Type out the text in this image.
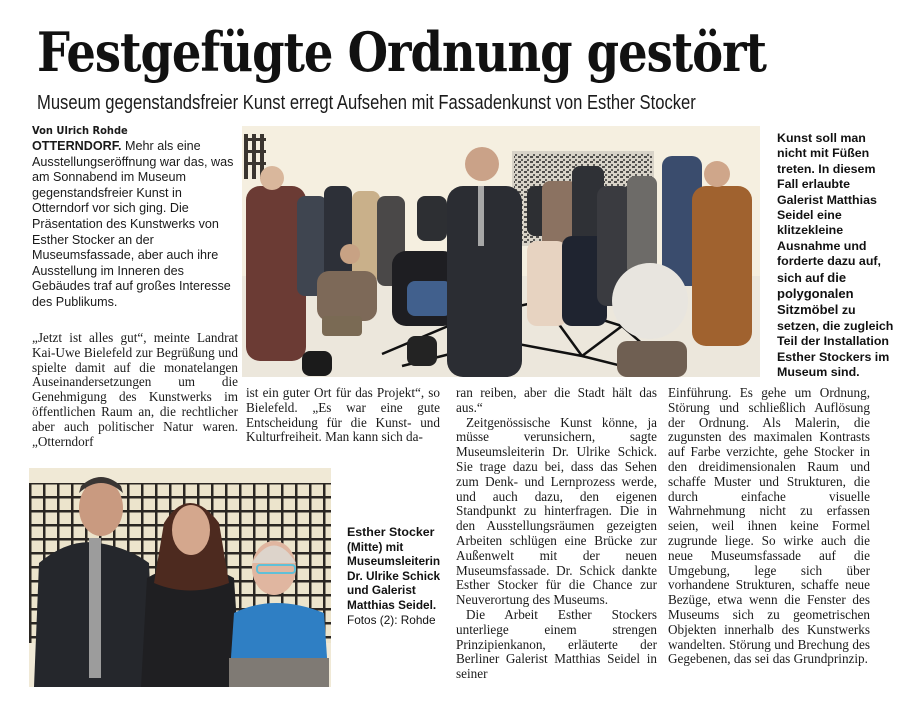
Festgefügte Ordnung gestört
Museum gegenstandsfreier Kunst erregt Aufsehen mit Fassadenkunst von Esther Stocker
Von Ulrich Rohde
OTTERNDORF. Mehr als eine Ausstellungseröffnung war das, was am Sonnabend im Museum gegenstandsfreier Kunst in Otterndorf vor sich ging. Die Präsentation des Kunstwerks von Esther Stocker an der Museumsfassade, aber auch ihre Ausstellung im Inneren des Gebäudes traf auf großes Interesse des Publikums.

„Jetzt ist alles gut“, meinte Landrat Kai-Uwe Bielefeld zur Begrüßung und spielte damit auf die monatelangen Auseinandersetzungen um die Genehmigung des Kunstwerks im öffentlichen Raum an, die rechtlicher aber auch politischer Natur waren. „Otterndorf

Kunst soll man nicht mit Füßen treten. In diesem Fall erlaubte Galerist Matthias Seidel eine klitzekleine Ausnahme und forderte dazu auf, sich auf die polygonalen Sitzmöbel zu setzen, die zugleich Teil der Installation Esther Stockers im Museum sind.

ist ein guter Ort für das Projekt“, so Bielefeld. „Es war eine gute Entscheidung für die Kunst- und Kulturfreiheit. Man kann sich da-

ran reiben, aber die Stadt hält das aus.“

Zeitgenössische Kunst könne, ja müsse verunsichern, sagte Museumsleiterin Dr. Ulrike Schick. Sie trage dazu bei, dass das Sehen zum Denk- und Lernprozess werde, und auch dazu, den eigenen Standpunkt zu hinterfragen. Die in den Ausstellungsräumen gezeigten Arbeiten schlügen eine Brücke zur Außenwelt mit der neuen Museumsfassade. Dr. Schick dankte Esther Stocker für die Chance zur Neuverortung des Museums.

Die Arbeit Esther Stockers unterliege einem strengen Prinzipienkanon, erläuterte der Berliner Galerist Matthias Seidel in seiner

Einführung. Es gehe um Ordnung, Störung und schließlich Auflösung der Ordnung. Als Malerin, die zugunsten des maximalen Kontrasts auf Farbe verzichte, gehe Stocker in den dreidimensionalen Raum und schaffe Muster und Strukturen, die durch einfache visuelle Wahrnehmung nicht zu erfassen seien, weil ihnen keine Formel zugrunde liege. So wirke auch die neue Museumsfassade auf die Umgebung, lege sich über vorhandene Strukturen, schaffe neue Bezüge, etwa wenn die Fenster des Museums sich zu geometrischen Objekten innerhalb des Kunstwerks wandelten. Störung und Brechung des Gegebenen, das sei das Grundprinzip.

Esther Stocker
(Mitte) mit Museumsleiterin Dr. Ulrike Schick und Galerist Matthias Seidel.
Fotos (2): Rohde
